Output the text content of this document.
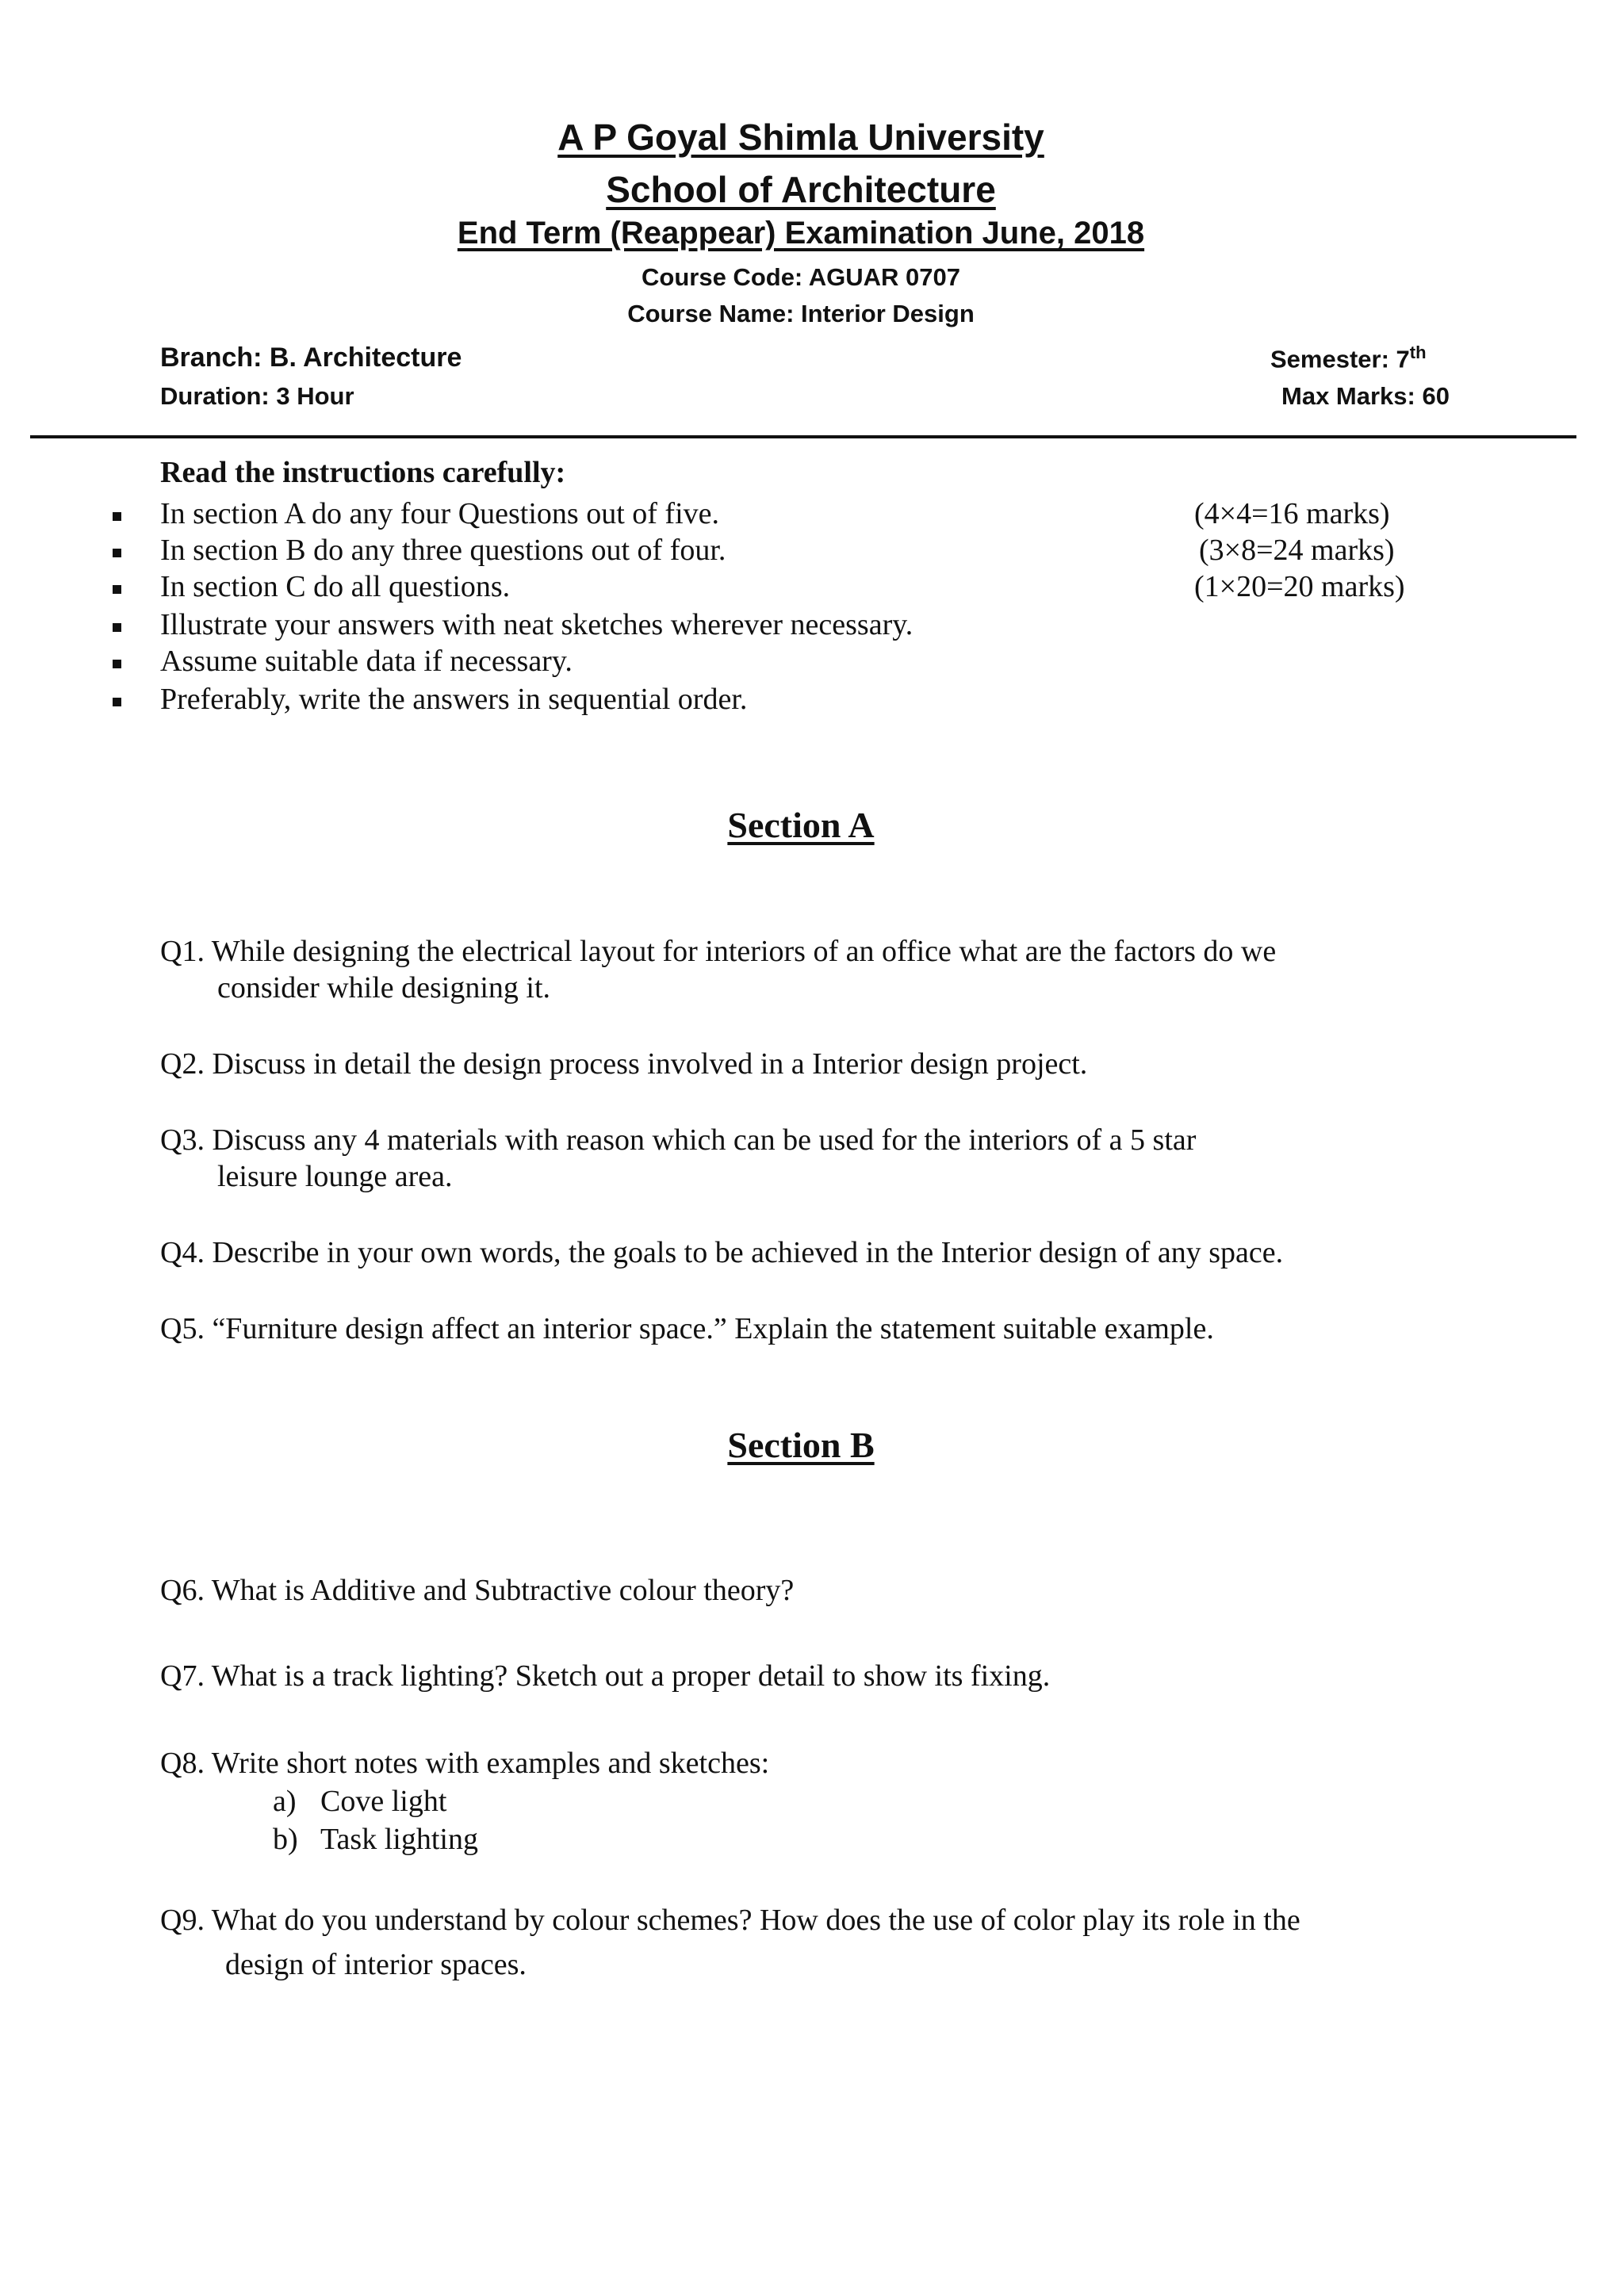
A P Goyal Shimla University
School of Architecture
End Term (Reappear) Examination June, 2018
Course Code: AGUAR 0707
Course Name: Interior Design
Branch: B. Architecture
Duration: 3 Hour
Semester: 7th
Max Marks: 60
Read the instructions carefully:
In section A do any four Questions out of five.	(4×4=16 marks)
In section B do any three questions out of four.	(3×8=24 marks)
In section C do all questions.	(1×20=20 marks)
Illustrate your answers with neat sketches wherever necessary.
Assume suitable data if necessary.
Preferably, write the answers in sequential order.
Section A
Q1. While designing the electrical layout for interiors of an office what are the factors do we
consider while designing it.
Q2. Discuss in detail the design process involved in a Interior design project.
Q3. Discuss any 4 materials with reason which can be used for the interiors of a 5 star
leisure lounge area.
Q4. Describe in your own words, the goals to be achieved in the Interior design of any space.
Q5. “Furniture design affect an interior space.” Explain the statement suitable example.
Section B
Q6. What is Additive and Subtractive colour theory?
Q7. What is a track lighting? Sketch out a proper detail to show its fixing.
Q8. Write short notes with examples and sketches:
a) Cove light
b) Task lighting
Q9. What do you understand by colour schemes? How does the use of color play its role in the
design of interior spaces.
